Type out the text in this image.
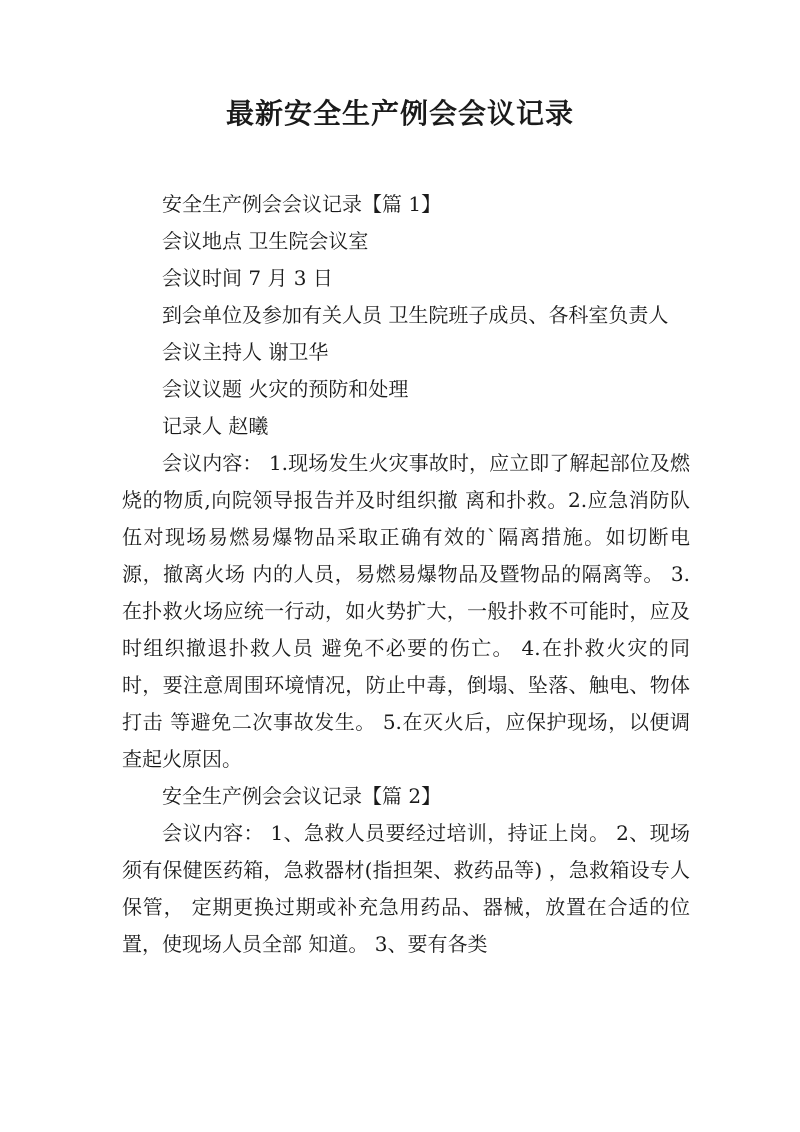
最新安全生产例会会议记录

安全生产例会会议记录【篇 1】

会议地点 卫生院会议室

会议时间 7 月 3 日

到会单位及参加有关人员 卫生院班子成员、各科室负责人

会议主持人 谢卫华

会议议题 火灾的预防和处理

记录人 赵曦

会议内容： 1.现场发生火灾事故时，应立即了解起部位及燃烧的物质,向院领导报告并及时组织撤 离和扑救。2.应急消防队伍对现场易燃易爆物品采取正确有效的`隔离措施。如切断电源，撤离火场 内的人员，易燃易爆物品及暨物品的隔离等。 3.在扑救火场应统一行动，如火势扩大，一般扑救不可能时，应及时组织撤退扑救人员 避免不必要的伤亡。 4.在扑救火灾的同时，要注意周围环境情况，防止中毒，倒塌、坠落、触电、物体打击 等避免二次事故发生。 5.在灭火后，应保护现场，以便调查起火原因。

安全生产例会会议记录【篇 2】

会议内容： 1、急救人员要经过培训，持证上岗。 2、现场须有保健医药箱，急救器材(指担架、救药品等) ，急救箱设专人保管， 定期更换过期或补充急用药品、器械，放置在合适的位置，使现场人员全部 知道。 3、要有各类
